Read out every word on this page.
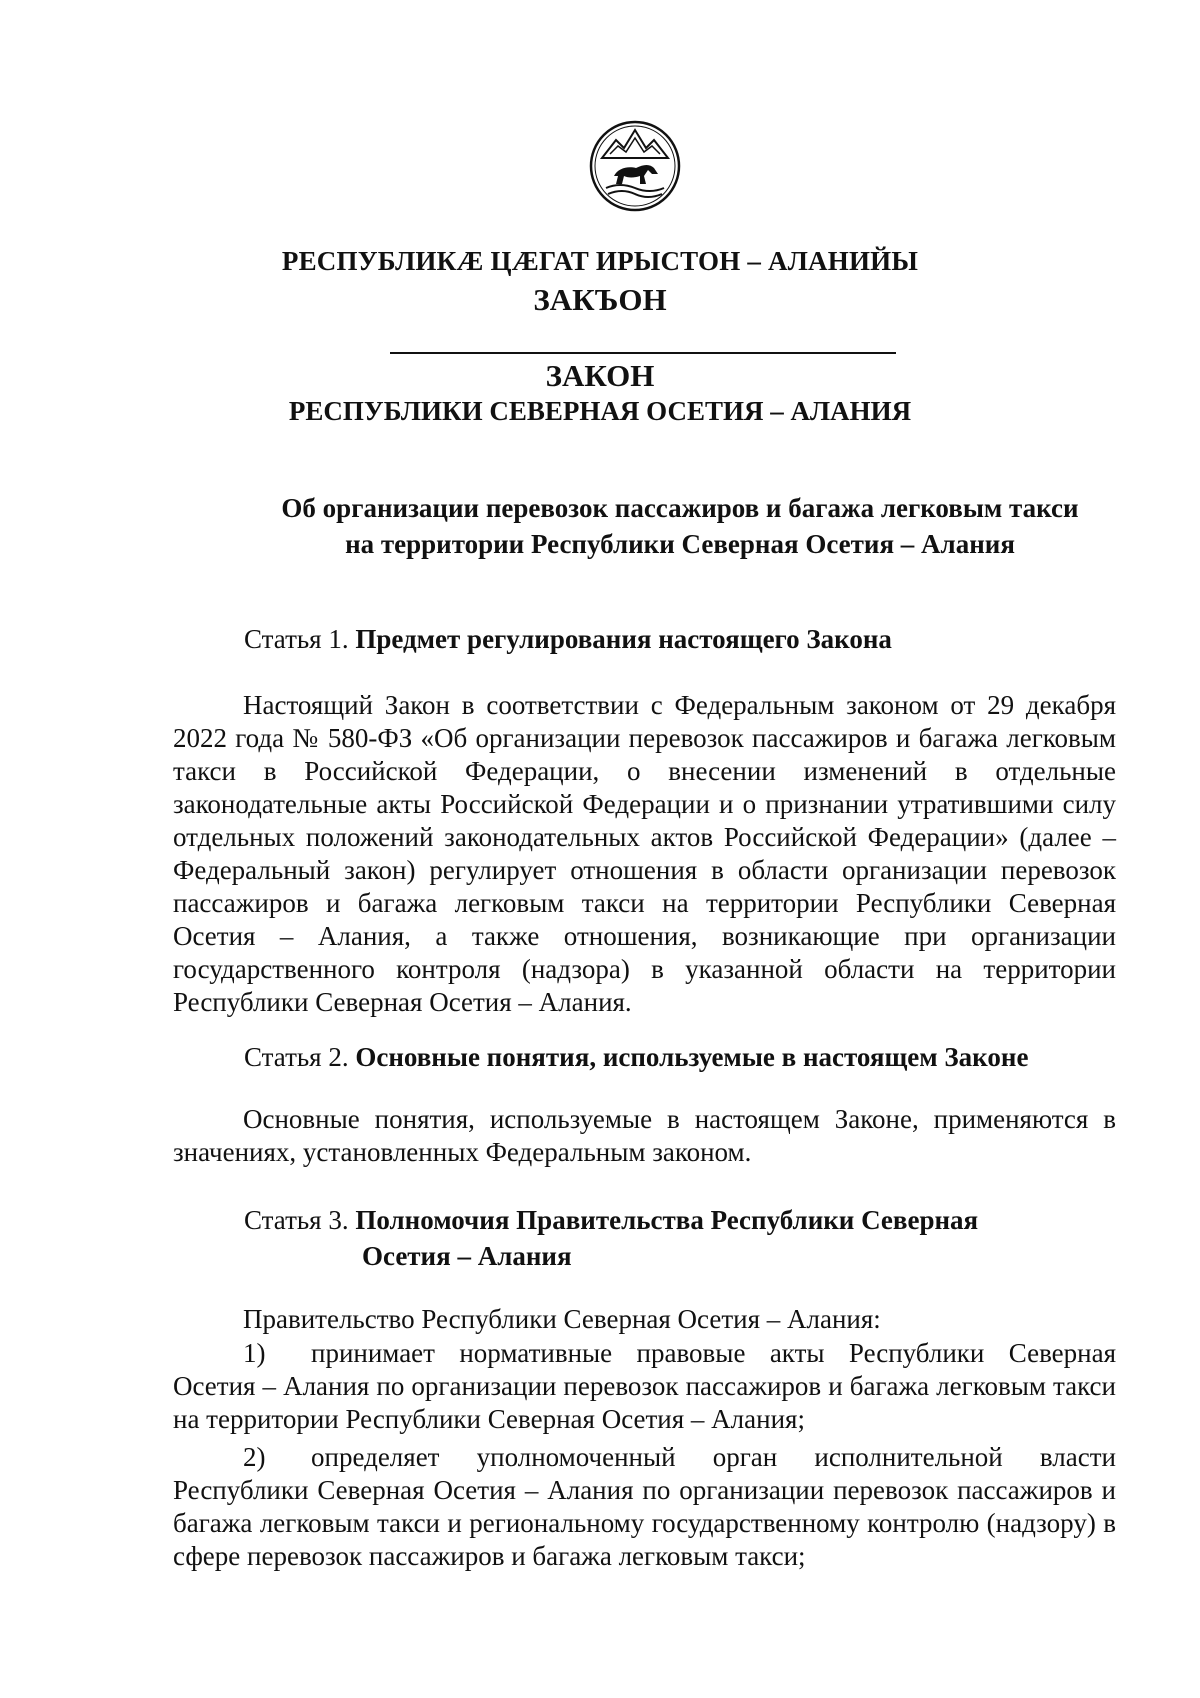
РЕСПУБЛИКӔ ЦӔГАТ ИРЫСТОН – АЛАНИЙЫ
ЗАКЪОН
ЗАКОН
РЕСПУБЛИКИ СЕВЕРНАЯ ОСЕТИЯ – АЛАНИЯ
Об организации перевозок пассажиров и багажа легковым такси
на территории Республики Северная Осетия – Алания
Статья 1. Предмет регулирования настоящего Закона
Настоящий Закон в соответствии с Федеральным законом от 29 декабря 2022 года № 580-ФЗ «Об организации перевозок пассажиров и багажа легковым такси в Российской Федерации, о внесении изменений в отдельные законодательные акты Российской Федерации и о признании утратившими силу отдельных положений законодательных актов Российской Федерации» (далее – Федеральный закон) регулирует отношения в области организации перевозок пассажиров и багажа легковым такси на территории Республики Северная Осетия – Алания, а также отношения, возникающие при организации государственного контроля (надзора) в указанной области на территории Республики Северная Осетия – Алания.
Статья 2. Основные понятия, используемые в настоящем Законе
Основные понятия, используемые в настоящем Законе, применяются в значениях, установленных Федеральным законом.
Статья 3. Полномочия Правительства Республики Северная
Осетия – Алания
Правительство Республики Северная Осетия – Алания:
1) принимает нормативные правовые акты Республики Северная Осетия – Алания по организации перевозок пассажиров и багажа легковым такси на территории Республики Северная Осетия – Алания;
2) определяет уполномоченный орган исполнительной власти Республики Северная Осетия – Алания по организации перевозок пассажиров и багажа легковым такси и региональному государственному контролю (надзору) в сфере перевозок пассажиров и багажа легковым такси;
